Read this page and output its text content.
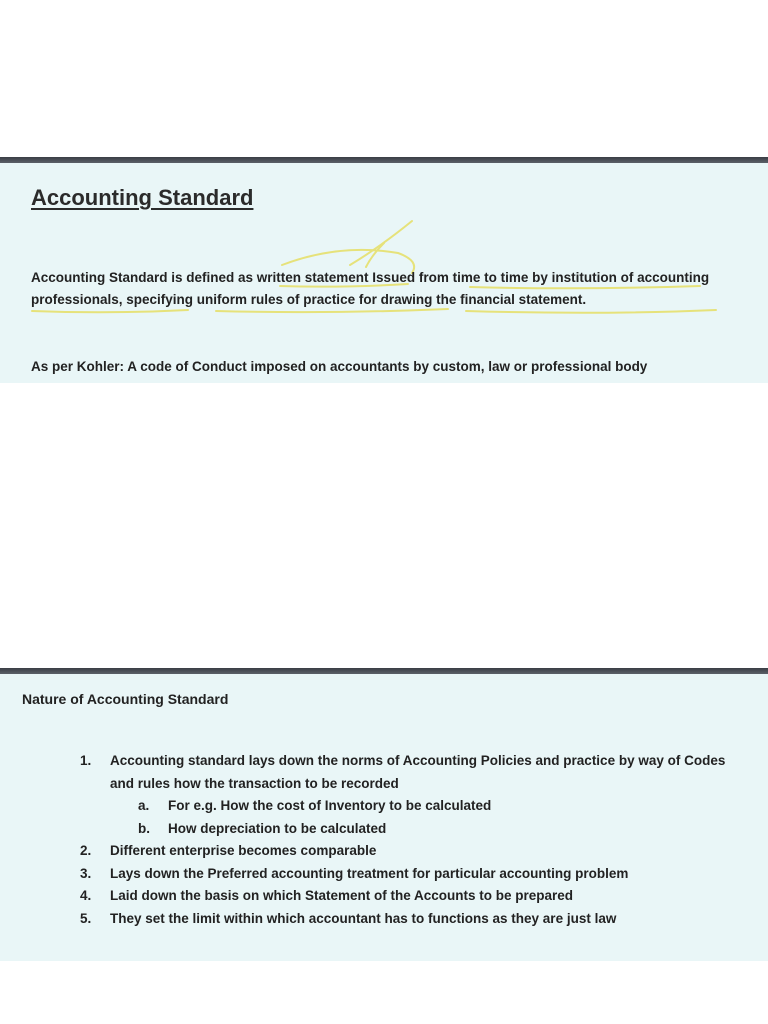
Accounting Standard

Accounting Standard is defined as written statement Issued from time to time by institution of accounting professionals, specifying uniform rules of practice for drawing the financial statement.

As per Kohler: A code of Conduct imposed on accountants by custom, law or professional body

Nature of Accounting Standard
1. Accounting standard lays down the norms of Accounting Policies and practice by way of Codes and rules how the transaction to be recorded
a. For e.g. How the cost of Inventory to be calculated
b. How depreciation to be calculated
2. Different enterprise becomes comparable
3. Lays down the Preferred accounting treatment for particular accounting problem
4. Laid down the basis on which Statement of the Accounts to be prepared
5. They set the limit within which accountant has to functions as they are just law
